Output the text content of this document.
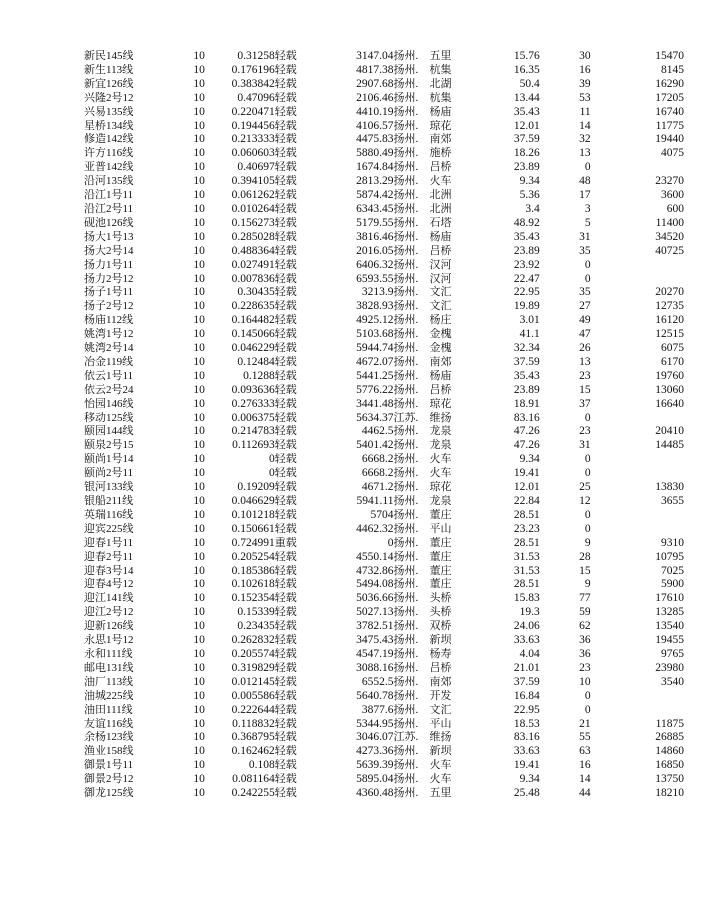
新民145线	10	0.31258	轻载	3147.04	扬州.	五里	15.76	30	15470
新生113线	10	0.176196	轻载	4817.38	扬州.	杭集	16.35	16	8145
新宜126线	10	0.383842	轻载	2907.68	扬州.	北湖	50.4	39	16290
兴隆2号12	10	0.47096	轻载	2106.46	扬州.	杭集	13.44	53	17205
兴易135线	10	0.220471	轻载	4410.19	扬州.	杨庙	35.43	11	16740
星桥134线	10	0.194456	轻载	4106.57	扬州.	琼花	12.01	14	11775
修造142线	10	0.213333	轻载	4475.83	扬州.	南郊	37.59	32	19440
许方116线	10	0.060603	轻载	5880.49	扬州.	施桥	18.26	13	4075
亚普142线	10	0.40697	轻载	1674.84	扬州.	吕桥	23.89	0	
沿河135线	10	0.394105	轻载	2813.29	扬州.	火车	9.34	48	23270
沿江1号11	10	0.061262	轻载	5874.42	扬州.	北洲	5.36	17	3600
沿江2号11	10	0.010264	轻载	6343.45	扬州.	北洲	3.4	3	600
砚池126线	10	0.156273	轻载	5179.55	扬州.	石塔	48.92	5	11400
扬大1号13	10	0.285028	轻载	3816.46	扬州.	杨庙	35.43	31	34520
扬大2号14	10	0.488364	轻载	2016.05	扬州.	吕桥	23.89	35	40725
扬力1号11	10	0.027491	轻载	6406.32	扬州.	汉河	23.92	0	
扬力2号12	10	0.007836	轻载	6593.55	扬州.	汉河	22.47	0	
扬子1号11	10	0.30435	轻载	3213.9	扬州.	文汇	22.95	35	20270
扬子2号12	10	0.228635	轻载	3828.93	扬州.	文汇	19.89	27	12735
杨庙112线	10	0.164482	轻载	4925.12	扬州.	杨庄	3.01	49	16120
姚湾1号12	10	0.145066	轻载	5103.68	扬州.	金槐	41.1	47	12515
姚湾2号14	10	0.046229	轻载	5944.74	扬州.	金槐	32.34	26	6075
冶金119线	10	0.12484	轻载	4672.07	扬州.	南郊	37.59	13	6170
依云1号11	10	0.1288	轻载	5441.25	扬州.	杨庙	35.43	23	19760
依云2号24	10	0.093636	轻载	5776.22	扬州.	吕桥	23.89	15	13060
怡园146线	10	0.276333	轻载	3441.48	扬州.	琼花	18.91	37	16640
移动125线	10	0.006375	轻载	5634.37	江苏.	维扬	83.16	0	
颐园144线	10	0.214783	轻载	4462.5	扬州.	龙泉	47.26	23	20410
颐泉2号15	10	0.112693	轻载	5401.42	扬州.	龙泉	47.26	31	14485
颐尚1号14	10	0	轻载	6668.2	扬州.	火车	9.34	0	
颐尚2号11	10	0	轻载	6668.2	扬州.	火车	19.41	0	
银河133线	10	0.19209	轻载	4671.2	扬州.	琼花	12.01	25	13830
银船211线	10	0.046629	轻载	5941.11	扬州.	龙泉	22.84	12	3655
英瑞116线	10	0.101218	轻载	5704	扬州.	董庄	28.51	0	
迎宾225线	10	0.150661	轻载	4462.32	扬州.	平山	23.23	0	
迎春1号11	10	0.724991	重载	0	扬州.	董庄	28.51	9	9310
迎春2号11	10	0.205254	轻载	4550.14	扬州.	董庄	31.53	28	10795
迎春3号14	10	0.185386	轻载	4732.86	扬州.	董庄	31.53	15	7025
迎春4号12	10	0.102618	轻载	5494.08	扬州.	董庄	28.51	9	5900
迎江141线	10	0.152354	轻载	5036.66	扬州.	头桥	15.83	77	17610
迎江2号12	10	0.15339	轻载	5027.13	扬州.	头桥	19.3	59	13285
迎新126线	10	0.23435	轻载	3782.51	扬州.	双桥	24.06	62	13540
永思1号12	10	0.262832	轻载	3475.43	扬州.	新坝	33.63	36	19455
永和111线	10	0.205574	轻载	4547.19	扬州.	杨寿	4.04	36	9765
邮电131线	10	0.319829	轻载	3088.16	扬州.	吕桥	21.01	23	23980
油厂113线	10	0.012145	轻载	6552.5	扬州.	南郊	37.59	10	3540
油城225线	10	0.005586	轻载	5640.78	扬州.	开发	16.84	0	
油田111线	10	0.222644	轻载	3877.6	扬州.	文汇	22.95	0	
友谊116线	10	0.118832	轻载	5344.95	扬州.	平山	18.53	21	11875
余杨123线	10	0.368795	轻载	3046.07	江苏.	维扬	83.16	55	26885
渔业158线	10	0.162462	轻载	4273.36	扬州.	新坝	33.63	63	14860
御景1号11	10	0.108	轻载	5639.39	扬州.	火车	19.41	16	16850
御景2号12	10	0.081164	轻载	5895.04	扬州.	火车	9.34	14	13750
御龙125线	10	0.242255	轻载	4360.48	扬州.	五里	25.48	44	18210
